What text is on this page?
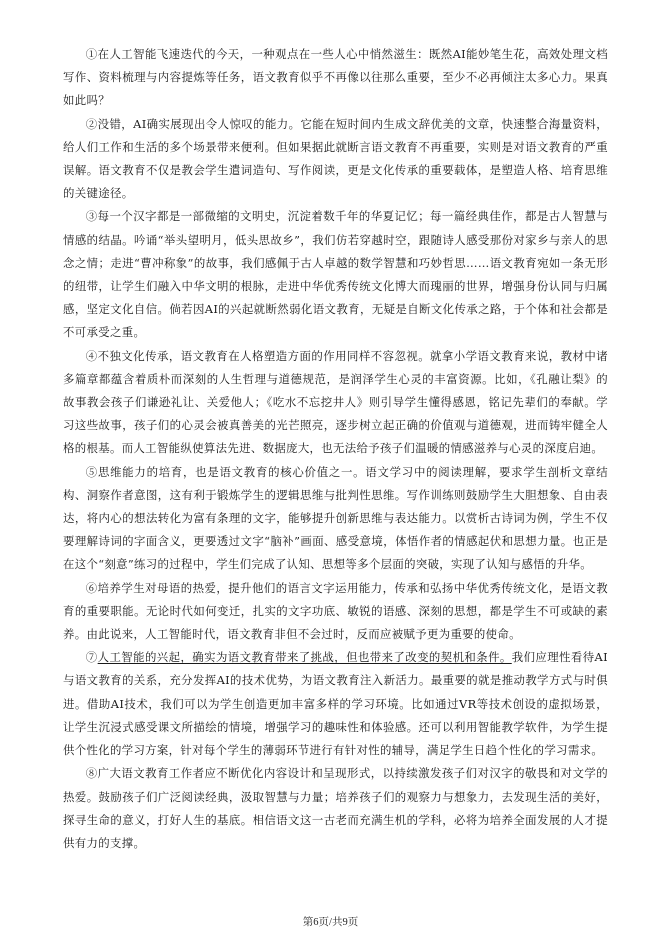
①在人工智能飞速迭代的今天，一种观点在一些人心中悄然滋生：既然AI能妙笔生花，高效处理文档写作、资料梳理与内容提炼等任务，语文教育似乎不再像以往那么重要，至少不必再倾注太多心力。果真如此吗？

②没错，AI确实展现出令人惊叹的能力。它能在短时间内生成文辞优美的文章，快速整合海量资料，给人们工作和生活的多个场景带来便利。但如果据此就断言语文教育不再重要，实则是对语文教育的严重误解。语文教育不仅是教会学生遣词造句、写作阅读，更是文化传承的重要载体，是塑造人格、培育思维的关键途径。

③每一个汉字都是一部微缩的文明史，沉淀着数千年的华夏记忆；每一篇经典佳作，都是古人智慧与情感的结晶。吟诵“举头望明月，低头思故乡”，我们仿若穿越时空，跟随诗人感受那份对家乡与亲人的思念之情；走进“曹冲称象”的故事，我们感佩于古人卓越的数学智慧和巧妙哲思……语文教育宛如一条无形的纽带，让学生们融入中华文明的根脉，走进中华优秀传统文化博大而瑰丽的世界，增强身份认同与归属感，坚定文化自信。倘若因AI的兴起就断然弱化语文教育，无疑是自断文化传承之路，于个体和社会都是不可承受之重。

④不独文化传承，语文教育在人格塑造方面的作用同样不容忽视。就拿小学语文教育来说，教材中诸多篇章都蕴含着质朴而深刻的人生哲理与道德规范，是润泽学生心灵的丰富资源。比如，《孔融让梨》的故事教会孩子们谦逊礼让、关爱他人；《吃水不忘挖井人》则引导学生懂得感恩，铭记先辈们的奉献。学习这些故事，孩子们的心灵会被真善美的光芒照亮，逐步树立起正确的价值观与道德观，进而铸牢健全人格的根基。而人工智能纵使算法先进、数据庞大，也无法给予孩子们温暖的情感滋养与心灵的深度启迪。

⑤思维能力的培育，也是语文教育的核心价值之一。语文学习中的阅读理解，要求学生剖析文章结构、洞察作者意图，这有利于锻炼学生的逻辑思维与批判性思维。写作训练则鼓励学生大胆想象、自由表达，将内心的想法转化为富有条理的文字，能够提升创新思维与表达能力。以赏析古诗词为例，学生不仅要理解诗词的字面含义，更要透过文字“脑补”画面、感受意境，体悟作者的情感起伏和思想力量。也正是在这个“刻意”练习的过程中，学生们完成了认知、思想等多个层面的突破，实现了认知与感悟的升华。

⑥培养学生对母语的热爱，提升他们的语言文字运用能力，传承和弘扬中华优秀传统文化，是语文教育的重要职能。无论时代如何变迁，扎实的文字功底、敏锐的语感、深刻的思想，都是学生不可或缺的素养。由此说来，人工智能时代，语文教育非但不会过时，反而应被赋予更为重要的使命。

⑦人工智能的兴起，确实为语文教育带来了挑战，但也带来了改变的契机和条件。我们应理性看待AI与语文教育的关系，充分发挥AI的技术优势，为语文教育注入新活力。最重要的就是推动教学方式与时俱进。借助AI技术，我们可以为学生创造更加丰富多样的学习环境。比如通过VR等技术创设的虚拟场景，让学生沉浸式感受课文所描绘的情境，增强学习的趣味性和体验感。还可以利用智能教学软件，为学生提供个性化的学习方案，针对每个学生的薄弱环节进行有针对性的辅导，满足学生日趋个性化的学习需求。

⑧广大语文教育工作者应不断优化内容设计和呈现形式，以持续激发孩子们对汉字的敬畏和对文学的热爱。鼓励孩子们广泛阅读经典，汲取智慧与力量；培养孩子们的观察力与想象力，去发现生活的美好，探寻生命的意义，打好人生的基底。相信语文这一古老而充满生机的学科，必将为培养全面发展的人才提供有力的支撑。

第6页/共9页
